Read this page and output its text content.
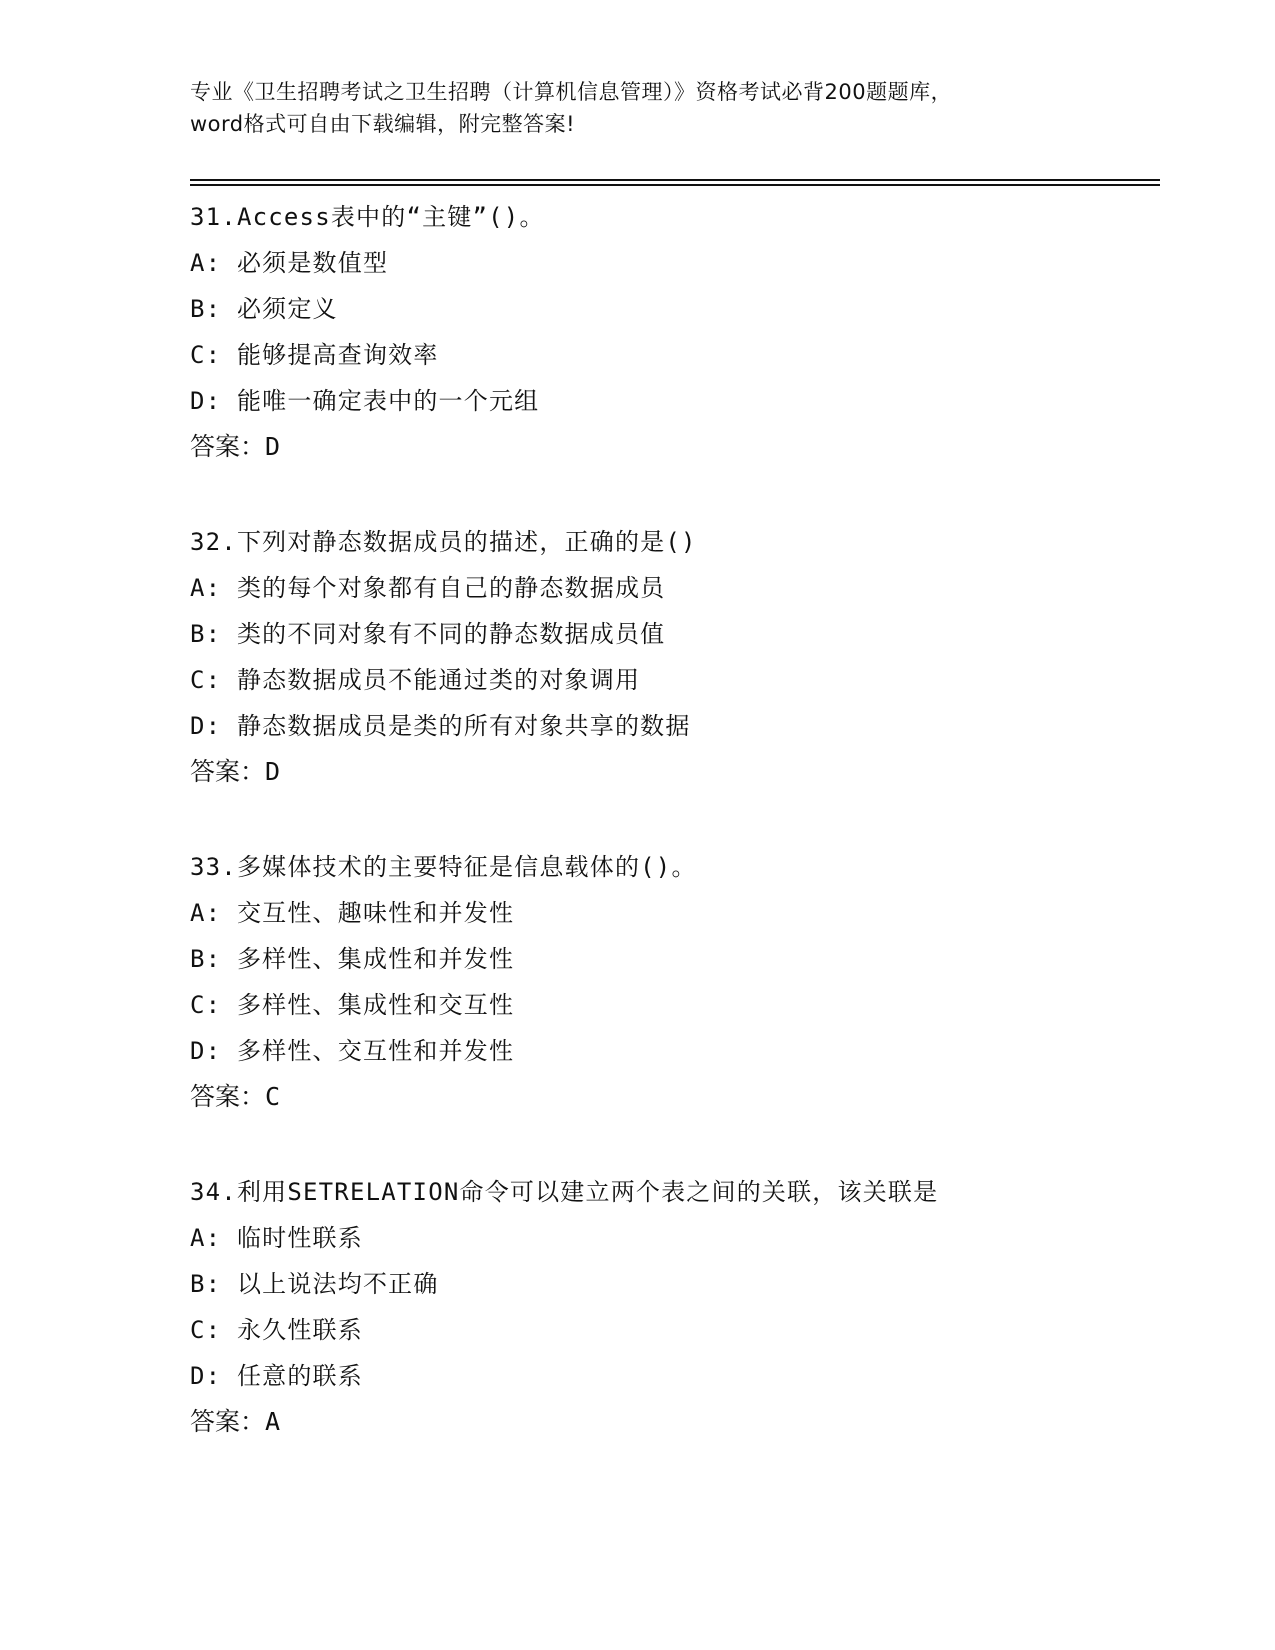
专业《卫生招聘考试之卫生招聘（计算机信息管理）》资格考试必背200题题库，
word格式可自由下载编辑，附完整答案!
31.Access表中的“主键”()。
A: 必须是数值型
B: 必须定义
C: 能够提高查询效率
D: 能唯一确定表中的一个元组
答案：D
32.下列对静态数据成员的描述，正确的是()
A: 类的每个对象都有自己的静态数据成员
B: 类的不同对象有不同的静态数据成员值
C: 静态数据成员不能通过类的对象调用
D: 静态数据成员是类的所有对象共享的数据
答案：D
33.多媒体技术的主要特征是信息载体的()。
A: 交互性、趣味性和并发性
B: 多样性、集成性和并发性
C: 多样性、集成性和交互性
D: 多样性、交互性和并发性
答案：C
34.利用SETRELATION命令可以建立两个表之间的关联，该关联是
A: 临时性联系
B: 以上说法均不正确
C: 永久性联系
D: 任意的联系
答案：A
